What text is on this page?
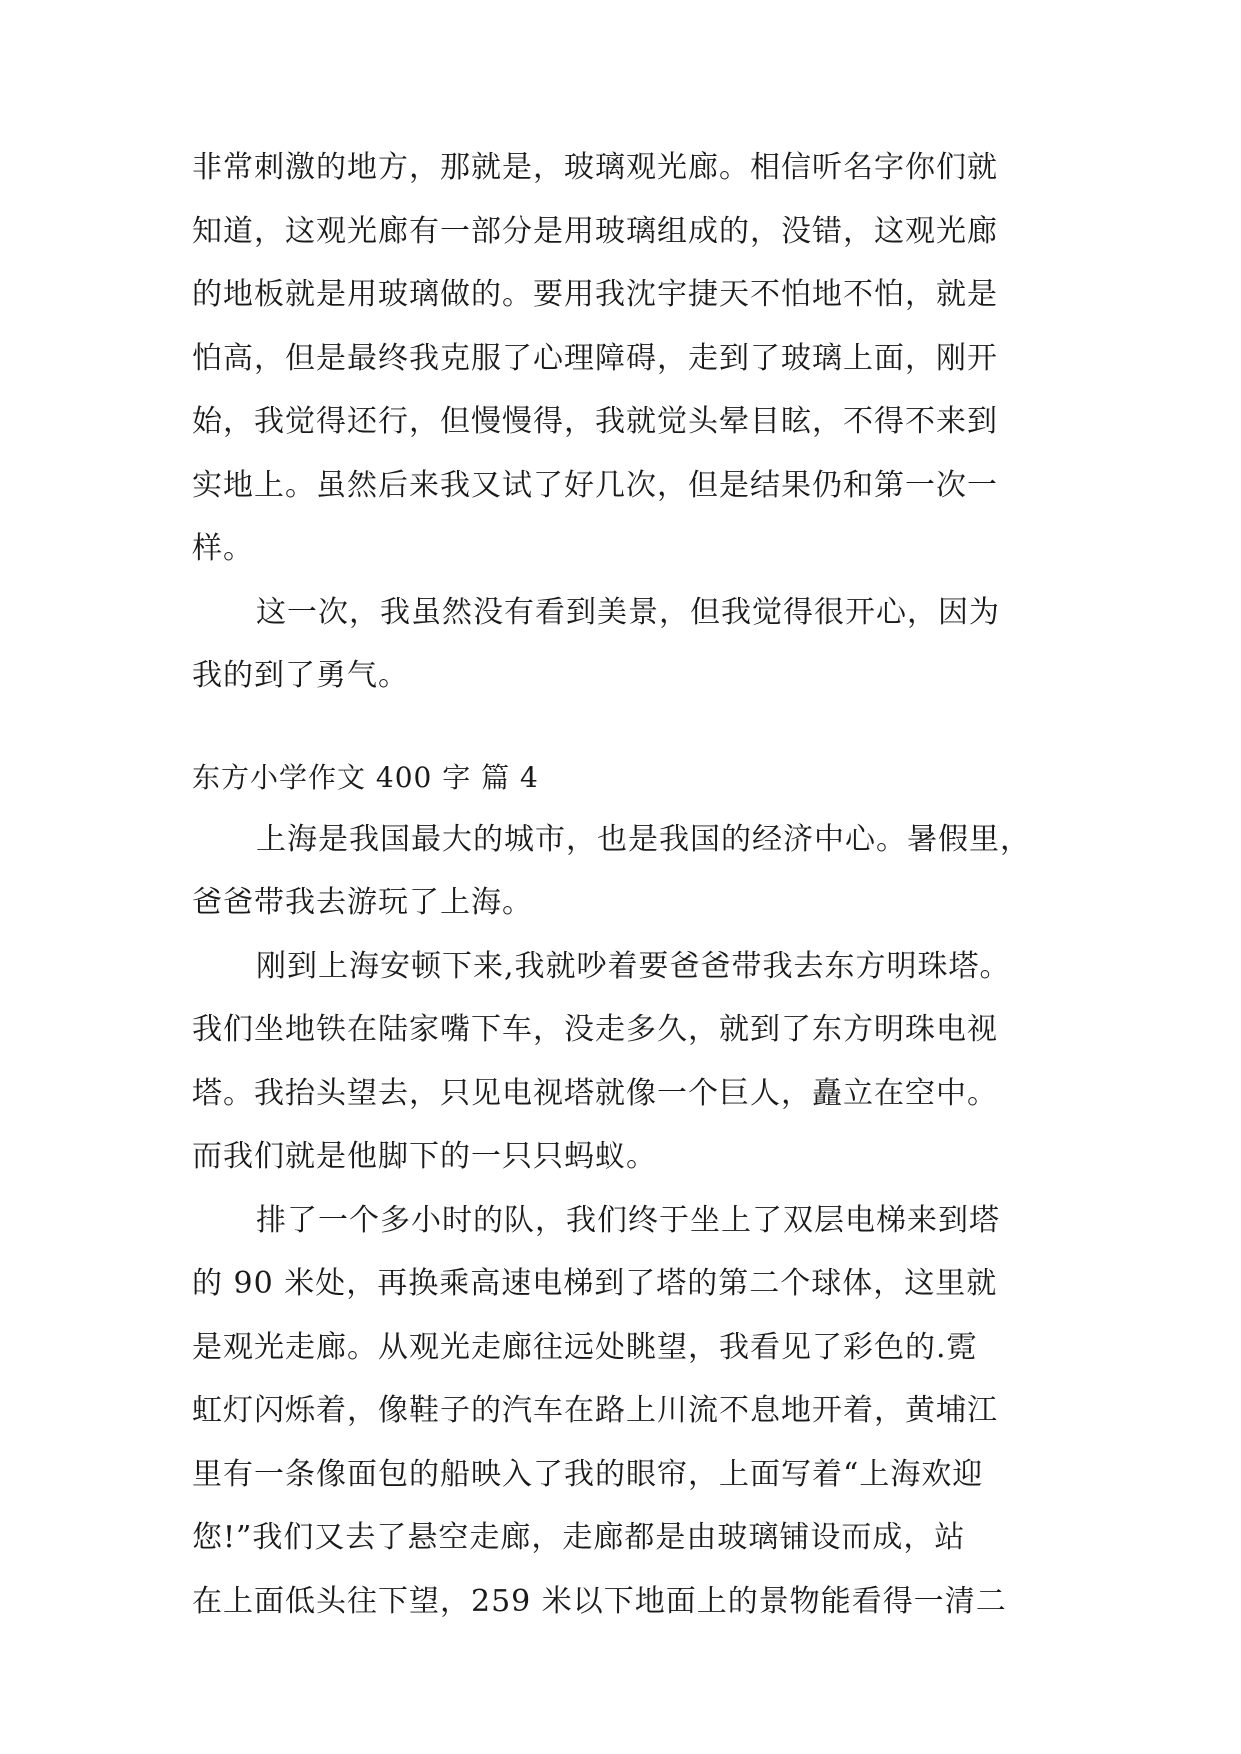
非常刺激的地方，那就是，玻璃观光廊。相信听名字你们就
知道，这观光廊有一部分是用玻璃组成的，没错，这观光廊
的地板就是用玻璃做的。要用我沈宇捷天不怕地不怕，就是
怕高，但是最终我克服了心理障碍，走到了玻璃上面，刚开
始，我觉得还行，但慢慢得，我就觉头晕目眩，不得不来到
实地上。虽然后来我又试了好几次，但是结果仍和第一次一
样。
这一次，我虽然没有看到美景，但我觉得很开心，因为
我的到了勇气。
东方小学作文 400 字 篇 4
上海是我国最大的城市，也是我国的经济中心。暑假里，
爸爸带我去游玩了上海。
刚到上海安顿下来,我就吵着要爸爸带我去东方明珠塔。
我们坐地铁在陆家嘴下车，没走多久，就到了东方明珠电视
塔。我抬头望去，只见电视塔就像一个巨人，矗立在空中。
而我们就是他脚下的一只只蚂蚁。
排了一个多小时的队，我们终于坐上了双层电梯来到塔
的 90 米处，再换乘高速电梯到了塔的第二个球体，这里就
是观光走廊。从观光走廊往远处眺望，我看见了彩色的.霓
虹灯闪烁着，像鞋子的汽车在路上川流不息地开着，黄埔江
里有一条像面包的船映入了我的眼帘，上面写着“上海欢迎
您!”我们又去了悬空走廊，走廊都是由玻璃铺设而成，站
在上面低头往下望，259 米以下地面上的景物能看得一清二
